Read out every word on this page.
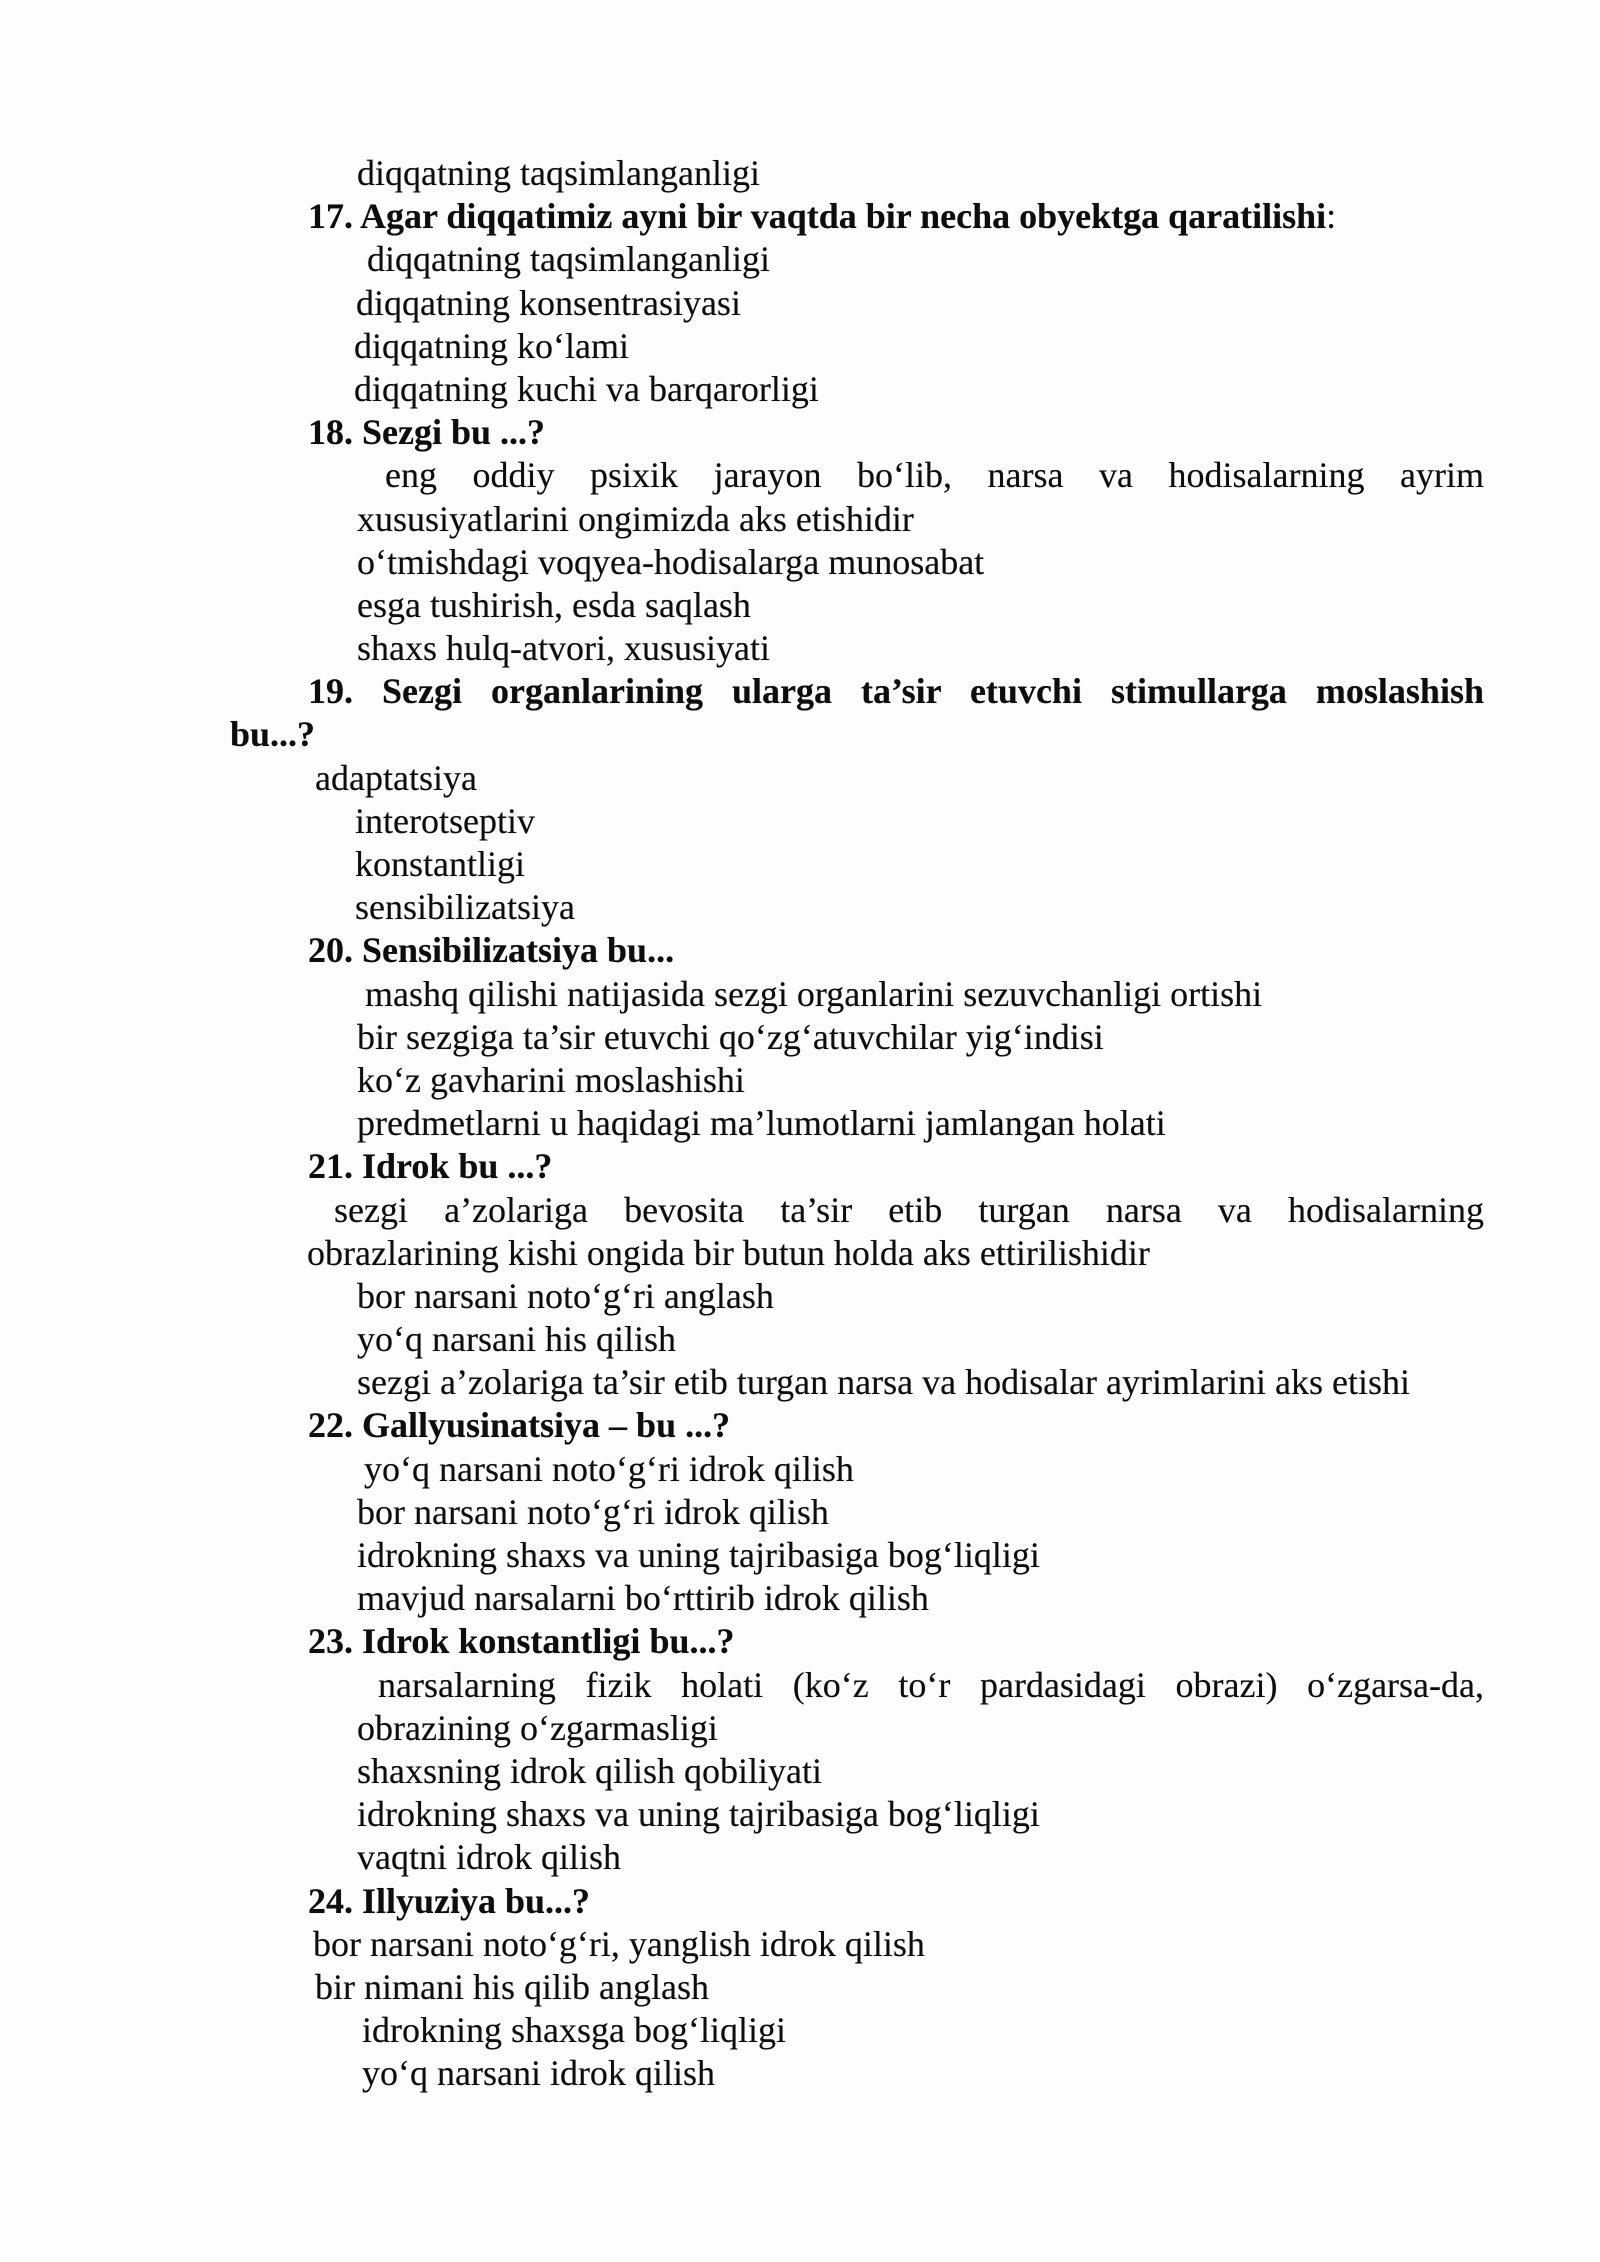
diqqatning taqsimlanganligi
17. Agar diqqatimiz ayni bir vaqtda bir necha obyektga qaratilishi:
diqqatning taqsimlanganligi
diqqatning konsentrasiyasi
diqqatning ko‘lami
diqqatning kuchi va barqarorligi
18. Sezgi bu ...?
eng oddiy psixik jarayon bo‘lib, narsa va hodisalarning ayrim
xususiyatlarini ongimizda aks etishidir
o‘tmishdagi voqyea-hodisalarga munosabat
esga tushirish, esda saqlash
shaxs hulq-atvori, xususiyati
19. Sezgi organlarining ularga ta’sir etuvchi stimullarga moslashish
bu...?
adaptatsiya
interotseptiv
konstantligi
sensibilizatsiya
20. Sensibilizatsiya bu...
mashq qilishi natijasida sezgi organlarini sezuvchanligi ortishi
bir sezgiga ta’sir etuvchi qo‘zg‘atuvchilar yig‘indisi
ko‘z gavharini moslashishi
predmetlarni u haqidagi ma’lumotlarni jamlangan holati
21. Idrok bu ...?
sezgi a’zolariga bevosita ta’sir etib turgan narsa va hodisalarning
obrazlarining kishi ongida bir butun holda aks ettirilishidir
bor narsani noto‘g‘ri anglash
yo‘q narsani his qilish
sezgi a’zolariga ta’sir etib turgan narsa va hodisalar ayrimlarini aks etishi
22. Gallyusinatsiya – bu ...?
yo‘q narsani noto‘g‘ri idrok qilish
bor narsani noto‘g‘ri idrok qilish
idrokning shaxs va uning tajribasiga bog‘liqligi
mavjud narsalarni bo‘rttirib idrok qilish
23. Idrok konstantligi bu...?
narsalarning fizik holati (ko‘z to‘r pardasidagi obrazi) o‘zgarsa-da,
obrazining o‘zgarmasligi
shaxsning idrok qilish qobiliyati
idrokning shaxs va uning tajribasiga bog‘liqligi
vaqtni idrok qilish
24. Illyuziya bu...?
bor narsani noto‘g‘ri, yanglish idrok qilish
bir nimani his qilib anglash
idrokning shaxsga bog‘liqligi
yo‘q narsani idrok qilish
